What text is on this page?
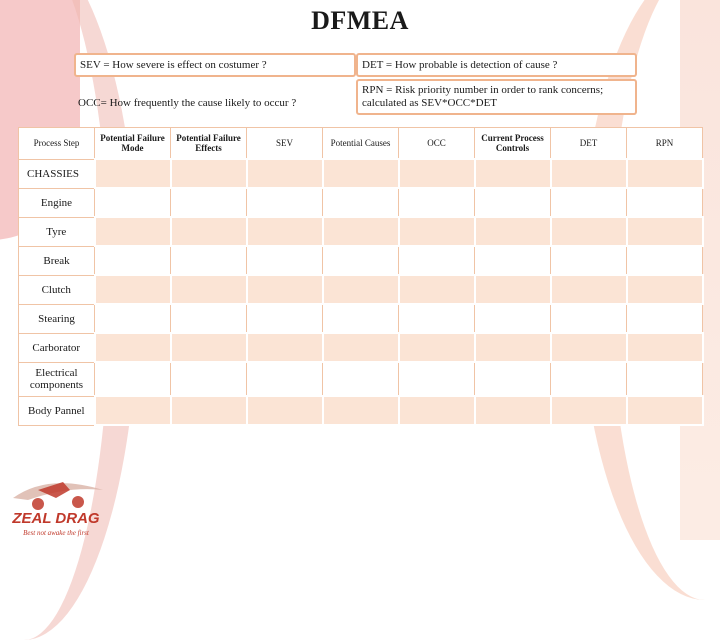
DFMEA
SEV = How severe is effect on costumer ?	DET = How probable is detection of cause ?
OCC= How frequently the cause likely to occur ?
RPN = Risk priority number in order to rank concerns; calculated as SEV*OCC*DET
Process Step	Potential Failure Mode	Potential Failure Effects	SEV	Potential Causes	OCC	Current Process Controls	DET	RPN
CHASSIES								
Engine								
Tyre								
Break								
Clutch								
Stearing								
Carborator								
Electrical components								
Body Pannel								
ZEAL DRAG
Best not awake the first
